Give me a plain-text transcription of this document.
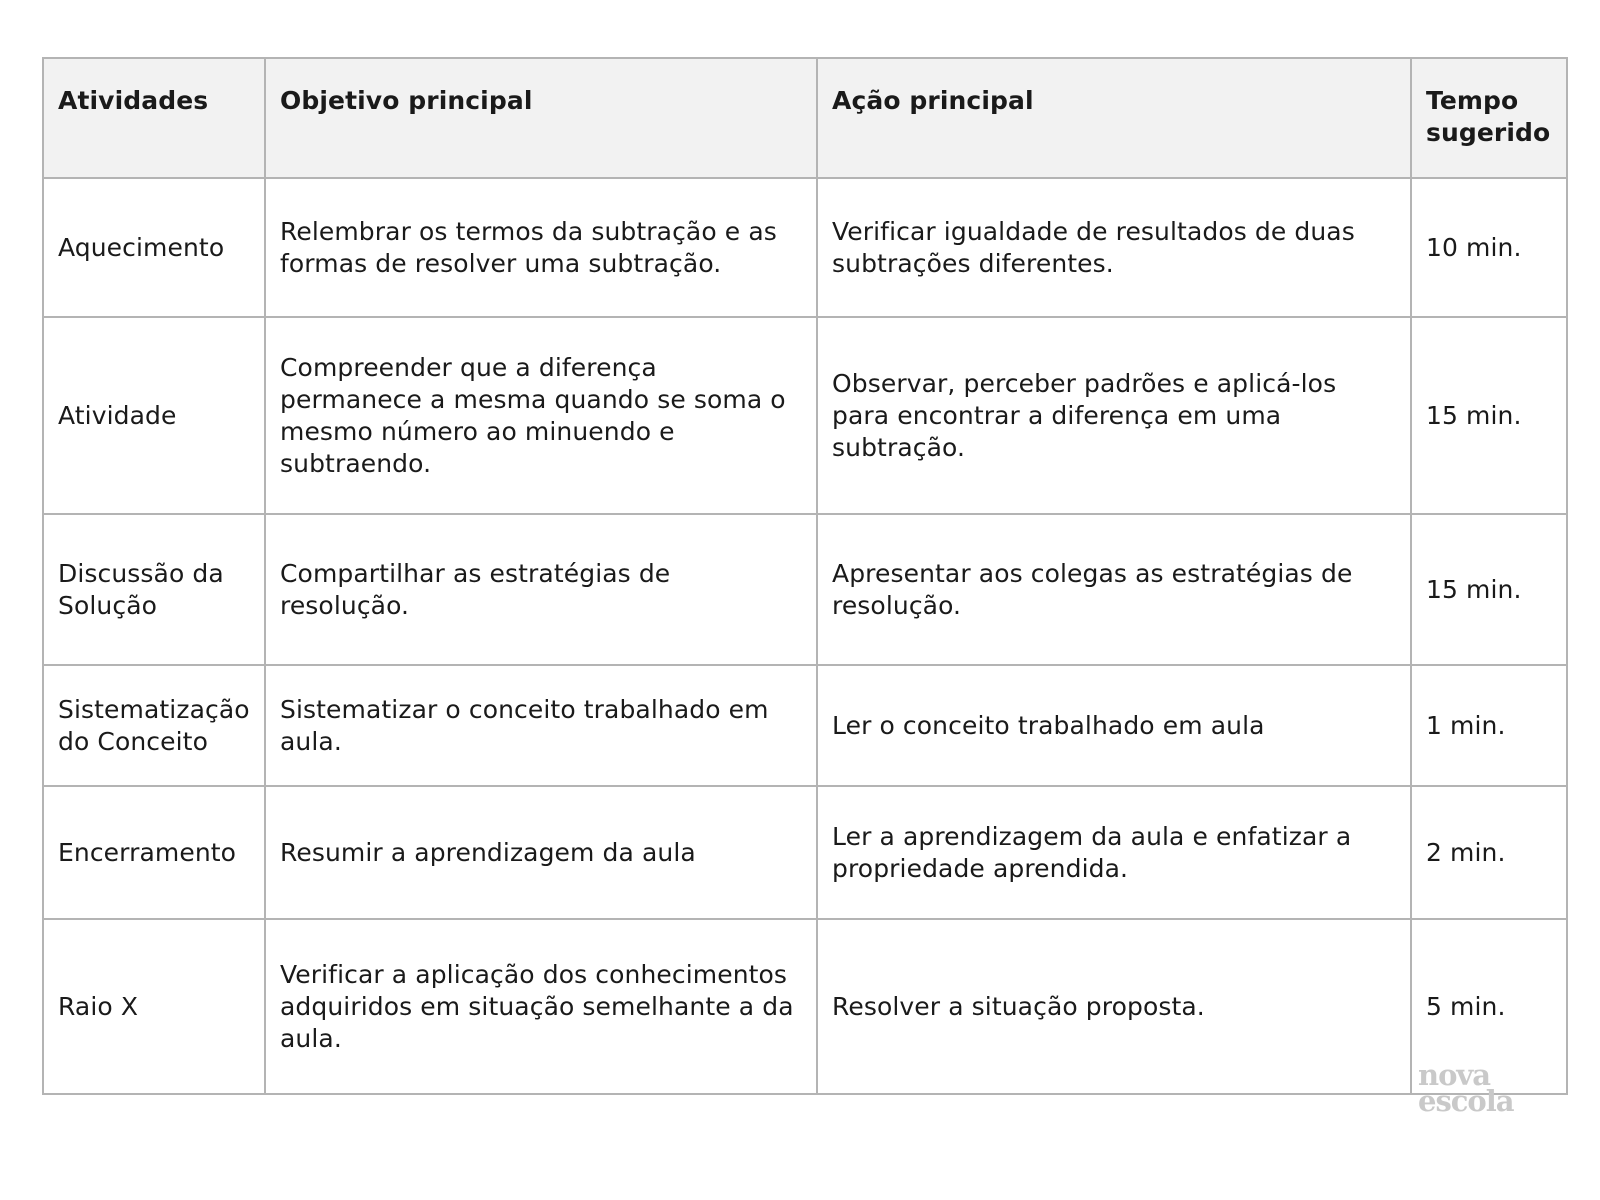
Atividades	Objetivo principal	Ação principal	Tempo sugerido
Aquecimento	Relembrar os termos da subtração e as formas de resolver uma subtração.	Verificar igualdade de resultados de duas subtrações diferentes.	10 min.
Atividade	Compreender que a diferença permanece a mesma quando se soma o mesmo número ao minuendo e subtraendo.	Observar, perceber padrões e aplicá-los para encontrar a diferença em uma subtração.	15 min.
Discussão da Solução	Compartilhar as estratégias de resolução.	Apresentar aos colegas as estratégias de resolução.	15 min.
Sistematização do Conceito	Sistematizar o conceito trabalhado em aula.	Ler o conceito trabalhado em aula	1 min.
Encerramento	Resumir a aprendizagem da aula	Ler a aprendizagem da aula e enfatizar a propriedade aprendida.	2 min.
Raio X	Verificar a aplicação dos conhecimentos adquiridos em situação semelhante a da aula.	Resolver a situação proposta.	5 min.
nova
escola
